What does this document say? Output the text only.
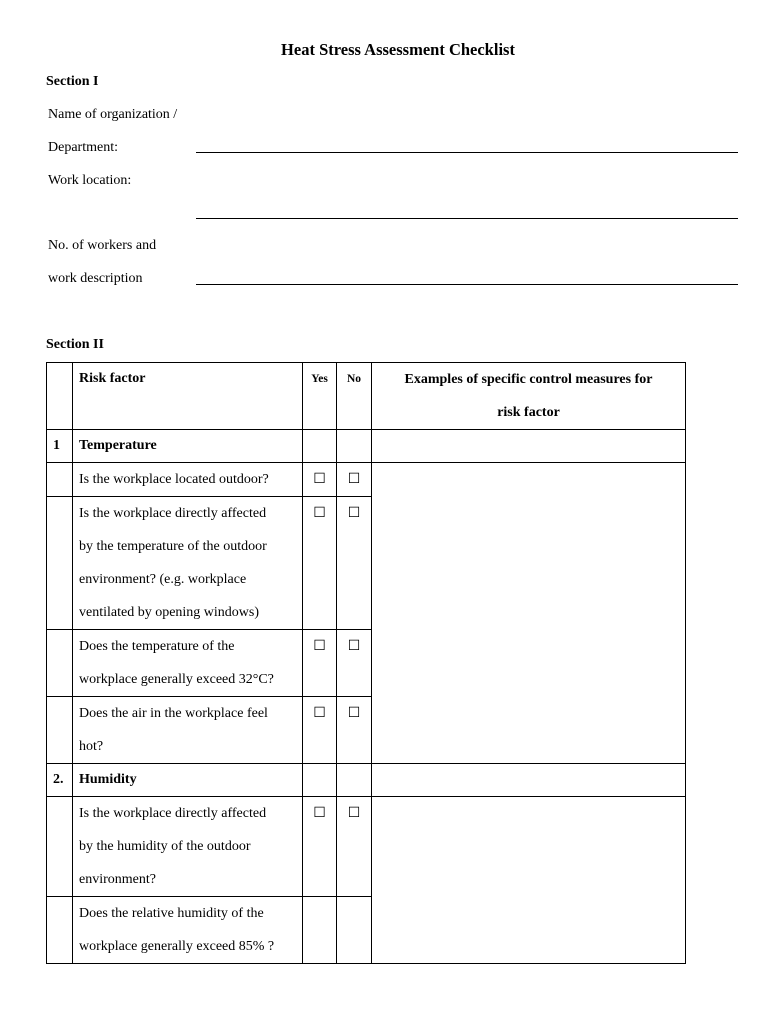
Heat Stress Assessment Checklist
Section I
Name of organization /
Department:
Work location:
No. of workers and
work description
Section II
	Risk factor	Yes	No	Examples of specific control measures for
risk factor

1	Temperature			

	Is the workplace located outdoor?	☐	☐	

	Is the workplace directly affected
by the temperature of the outdoor
environment? (e.g. workplace
ventilated by opening windows)	☐	☐	

	Does the temperature of the
workplace generally exceed 32°C?	☐	☐	

	Does the air in the workplace feel
hot?	☐	☐	
2.	Humidity			

	Is the workplace directly affected
by the humidity of the outdoor
environment?	☐	☐	

	Does the relative humidity of the
workplace generally exceed 85% ?			
